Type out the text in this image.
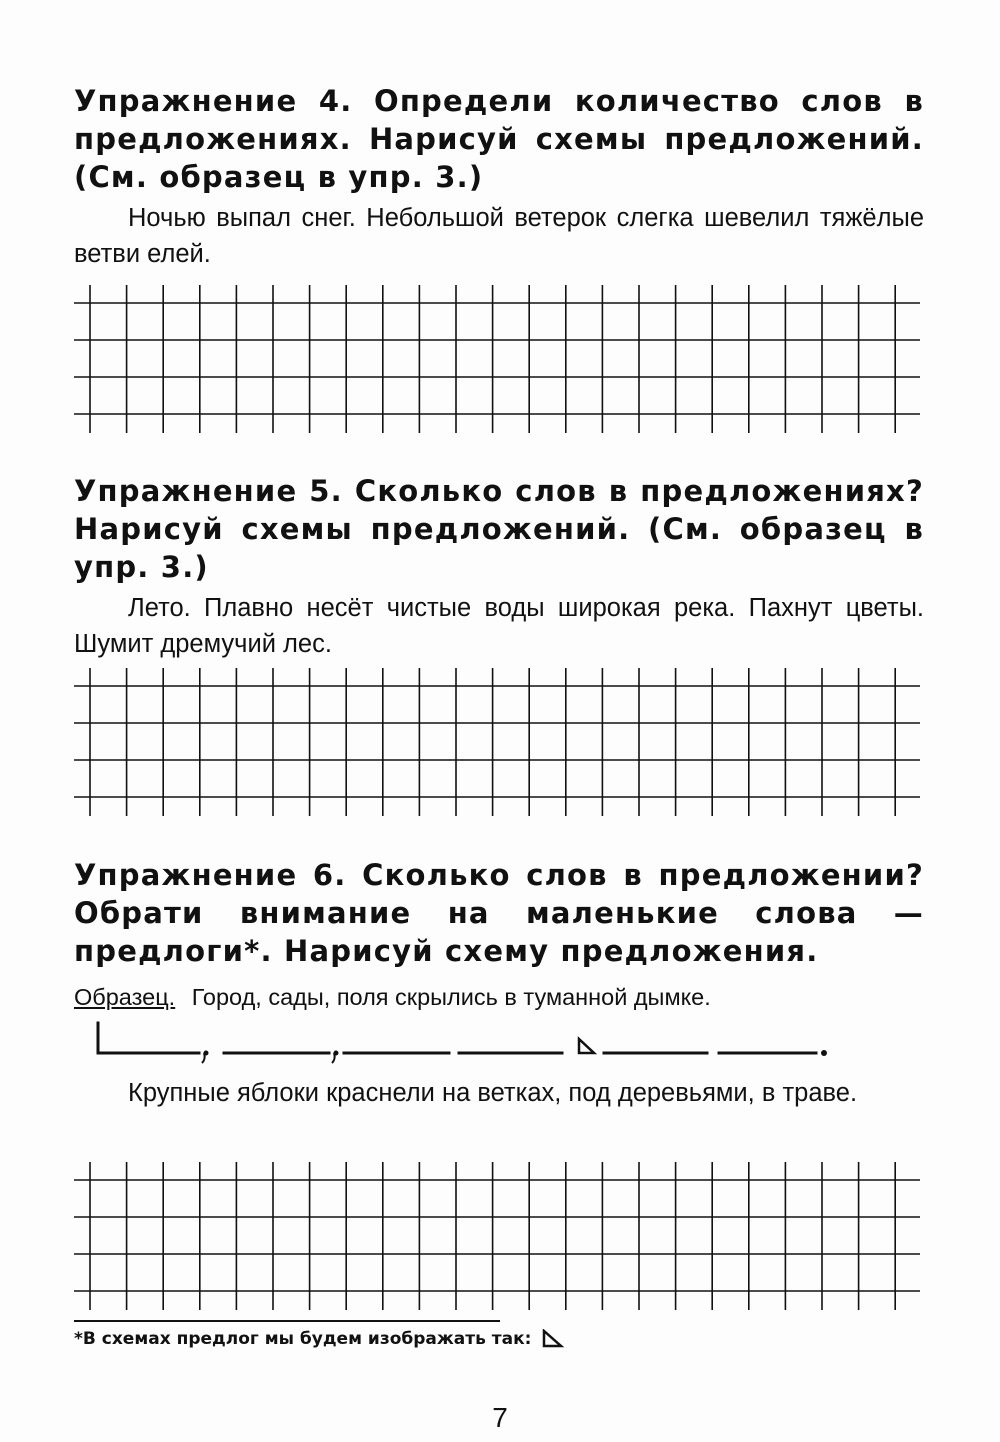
Упражнение 4. Определи количество слов в предложениях. Нарисуй схемы предложений. (См. образец в упр. 3.)

Ночью выпал снег. Небольшой ветерок слегка шевелил тяжёлые ветви елей.

Упражнение 5. Сколько слов в предложениях? Нарисуй схемы предложений. (См. образец в упр. 3.)

Лето. Плавно несёт чистые воды широкая река. Пахнут цветы. Шумит дремучий лес.

Упражнение 6. Сколько слов в предложении? Обрати внимание на маленькие слова — предлоги*. Нарисуй схему предложения.

Образец. Город, сады, поля скрылись в туманной дымке.

Крупные яблоки краснели на ветках, под деревьями, в траве.

*В схемах предлог мы будем изображать так:
7
